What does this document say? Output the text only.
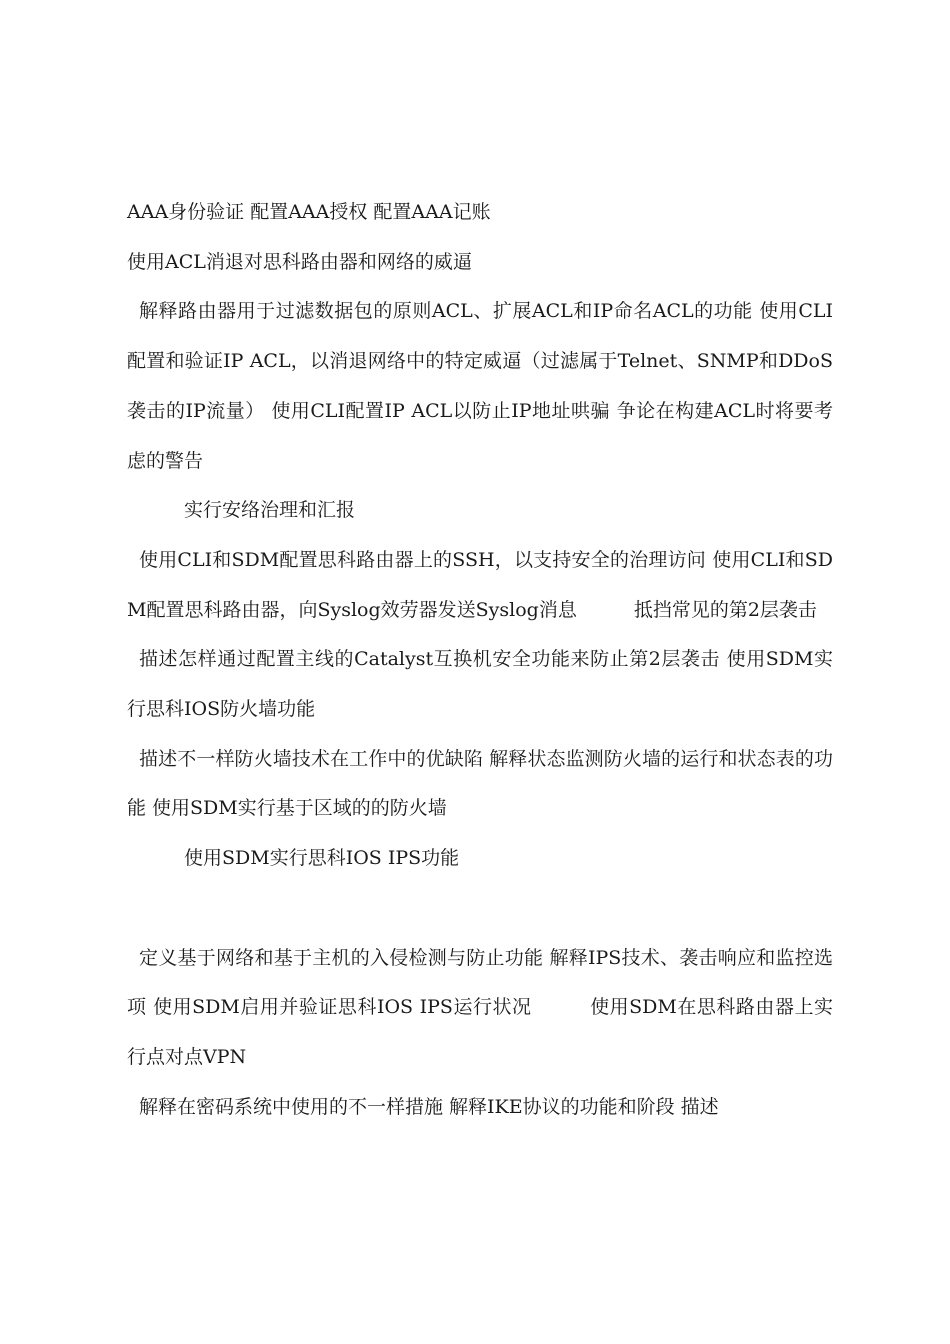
AAA身份验证 配置AAA授权 配置AAA记账

使用ACL消退对思科路由器和网络的威逼

解释路由器用于过滤数据包的原则ACL、扩展ACL和IP命名ACL的功能 使用CLI配置和验证IP ACL，以消退网络中的特定威逼（过滤属于Telnet、SNMP和DDoS袭击的IP流量） 使用CLI配置IP ACL以防止IP地址哄骗 争论在构建ACL时将要考虑的警告

实行安络治理和汇报

使用CLI和SDM配置思科路由器上的SSH，以支持安全的治理访问 使用CLI和SDM配置思科路由器，向Syslog效劳器发送Syslog消息　　　抵挡常见的第2层袭击

描述怎样通过配置主线的Catalyst互换机安全功能来防止第2层袭击 使用SDM实行思科IOS防火墙功能

描述不一样防火墙技术在工作中的优缺陷 解释状态监测防火墙的运行和状态表的功能 使用SDM实行基于区域的的防火墙

使用SDM实行思科IOS IPS功能

定义基于网络和基于主机的入侵检测与防止功能 解释IPS技术、袭击响应和监控选项 使用SDM启用并验证思科IOS IPS运行状况　　　使用SDM在思科路由器上实行点对点VPN

解释在密码系统中使用的不一样措施 解释IKE协议的功能和阶段 描述
